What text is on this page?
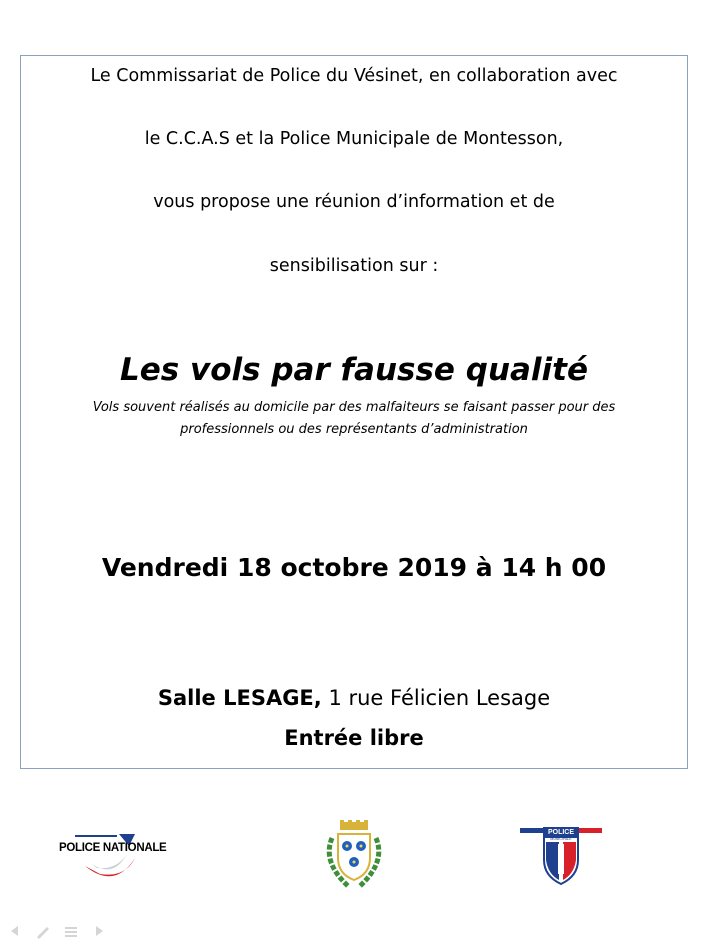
Le Commissariat de Police du Vésinet, en collaboration avec
le C.C.A.S et la Police Municipale de Montesson,
vous propose une réunion d’information et de
sensibilisation sur :
Les vols par fausse qualité
Vols souvent réalisés au domicile par des malfaiteurs se faisant passer pour des
professionnels ou des représentants d’administration
Vendredi 18 octobre 2019 à 14 h 00
Salle LESAGE, 1 rue Félicien Lesage
Entrée libre
POLICE NATIONALE
POLICE
MUNICIPALE
